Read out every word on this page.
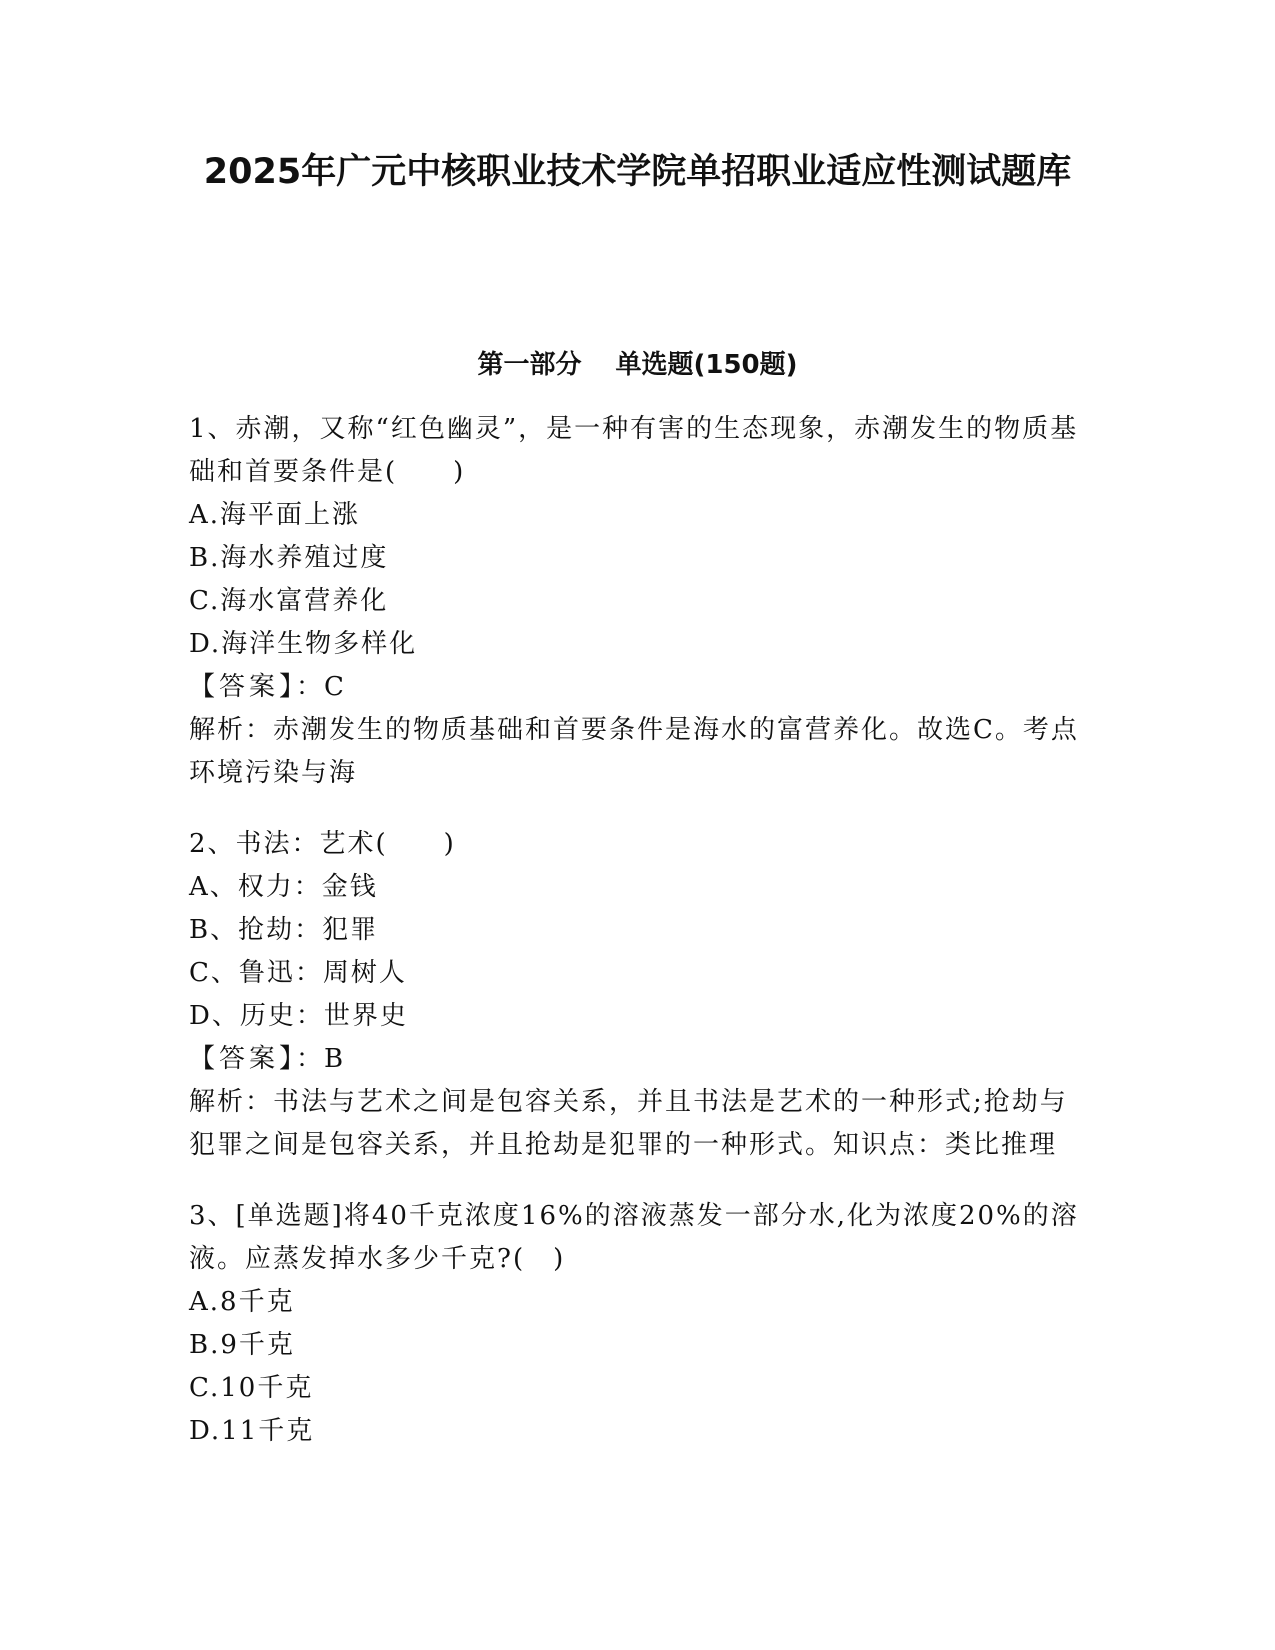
2025年广元中核职业技术学院单招职业适应性测试题库
第一部分 单选题(150题)

1、赤潮，又称“红色幽灵”，是一种有害的生态现象，赤潮发生的物质基础和首要条件是(　　)

A.海平面上涨

B.海水养殖过度

C.海水富营养化

D.海洋生物多样化

【答案】：C

解析：赤潮发生的物质基础和首要条件是海水的富营养化。故选C。考点环境污染与海

2、书法：艺术(　　)

A、权力：金钱

B、抢劫：犯罪

C、鲁迅：周树人

D、历史：世界史

【答案】：B

解析：书法与艺术之间是包容关系，并且书法是艺术的一种形式;抢劫与犯罪之间是包容关系，并且抢劫是犯罪的一种形式。知识点：类比推理

3、[单选题]将40千克浓度16%的溶液蒸发一部分水,化为浓度20%的溶液。应蒸发掉水多少千克?(　)

A.8千克

B.9千克

C.10千克

D.11千克
